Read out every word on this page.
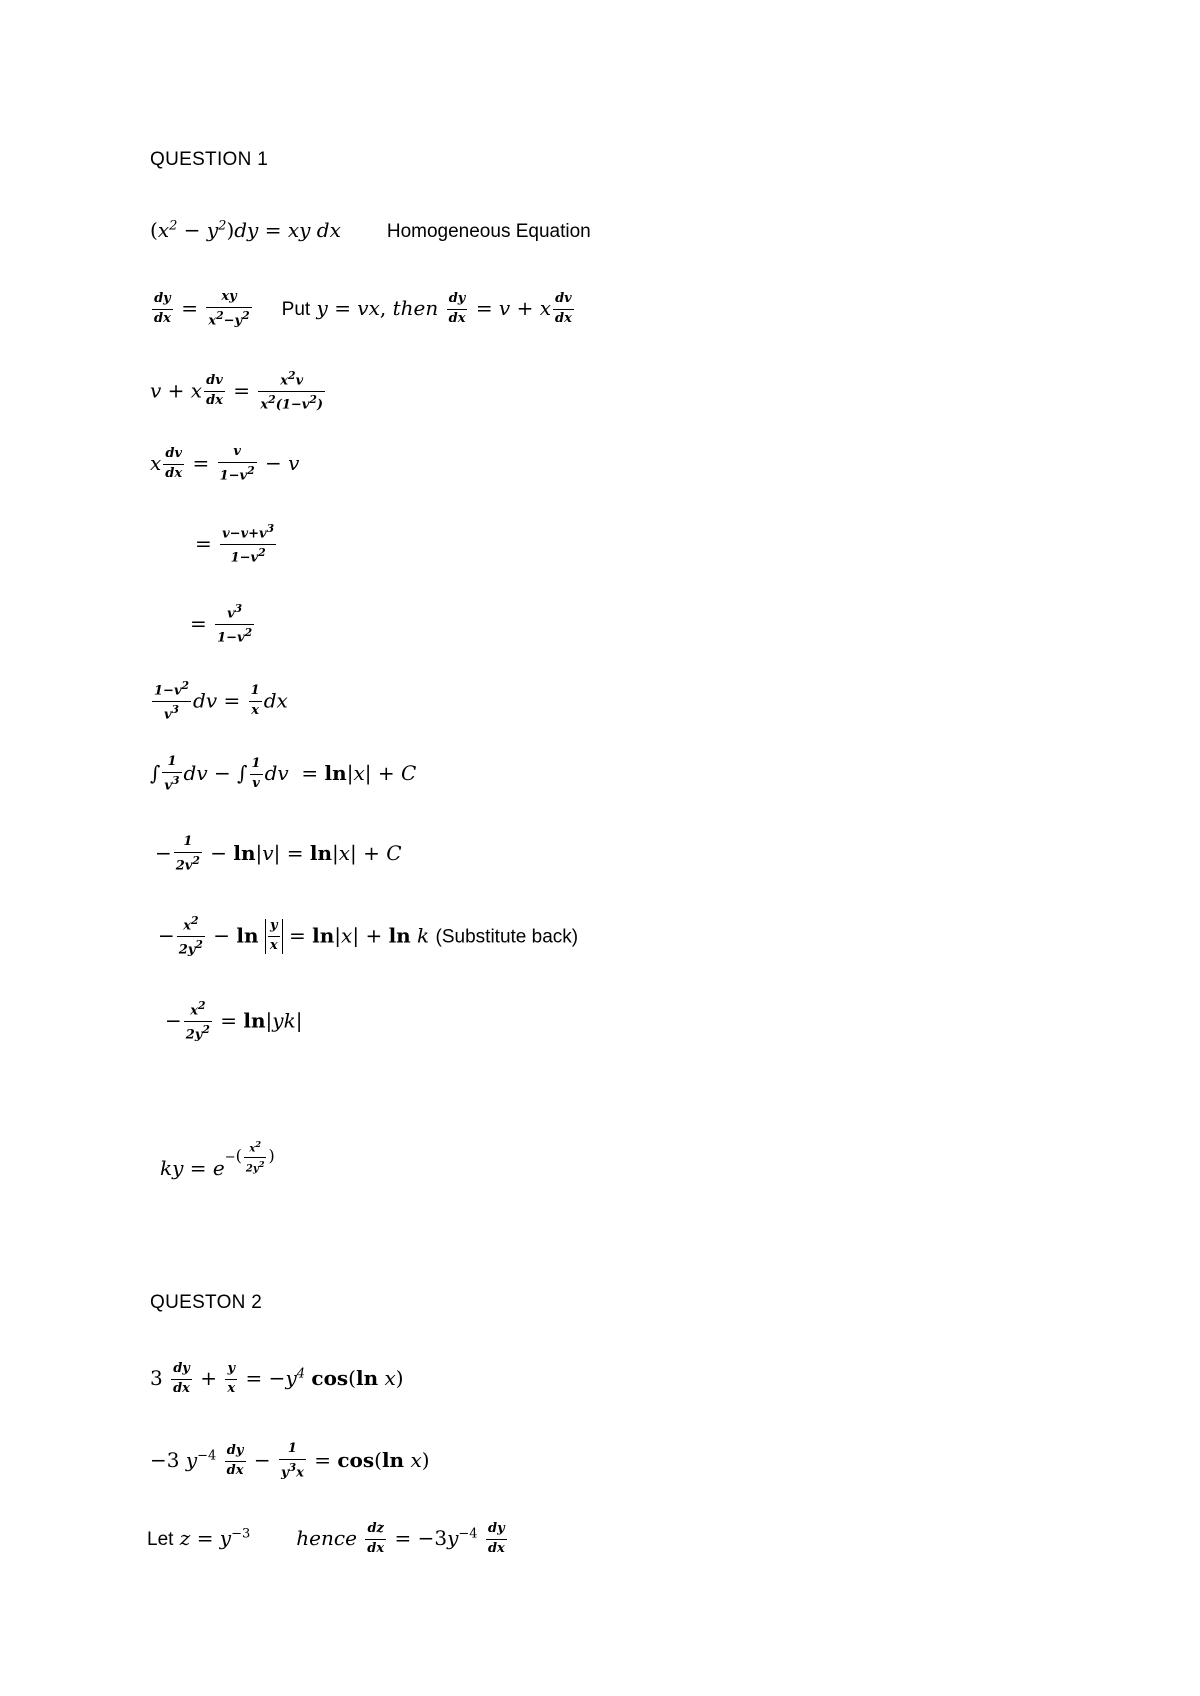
QUESTION 1
$(x^2 - y^2)dy$ = xy dx Homogeneous Equation
$\frac{dy}{dx} = \frac{xy}{x^2-y^2}$ Put y = vx, then $\frac{dy}{dx} = v + x \frac{dv}{dx}$
v + x $\frac{dv}{dx} = \frac{x^2v}{x^2(1-v^2)}$
x $\frac{dv}{dx} = \frac{v}{1-v^2} - v$
= $\frac{v-v+v^3}{1-v^2}$
= $\frac{v^3}{1-v^2}$
$\frac{1-v^2}{v^3}$ dv = $\frac{1}{x}$ dx
∫ $\frac{1}{v^3}$ dv − ∫ $\frac{1}{v}$ dv  = ln|x| + C
− $\frac{1}{2v^2} - \ln|v| = \ln|x| + C$
− $\frac{x^2}{2y^2} - \ln \frac{y}{x} = \ln|x| + \ln k$ (Substitute back)
− $\frac{x^2}{2y^2} = \ln|yk|$
ky = $e-( \frac{x^2}{2y^2}$ )
QUESTON 2
$3 \frac{dy}{dx} + \frac{y}{x} = -y^4$ cos(ln x)
−3 $y^{-4} \frac{dy}{dx} - \frac{1}{y^3x} = \cos(\ln$ x)
Let $z = y^{-3}$ hence $\frac{dz}{dx} = -3y^{-4} \frac{dy}{dx}$
